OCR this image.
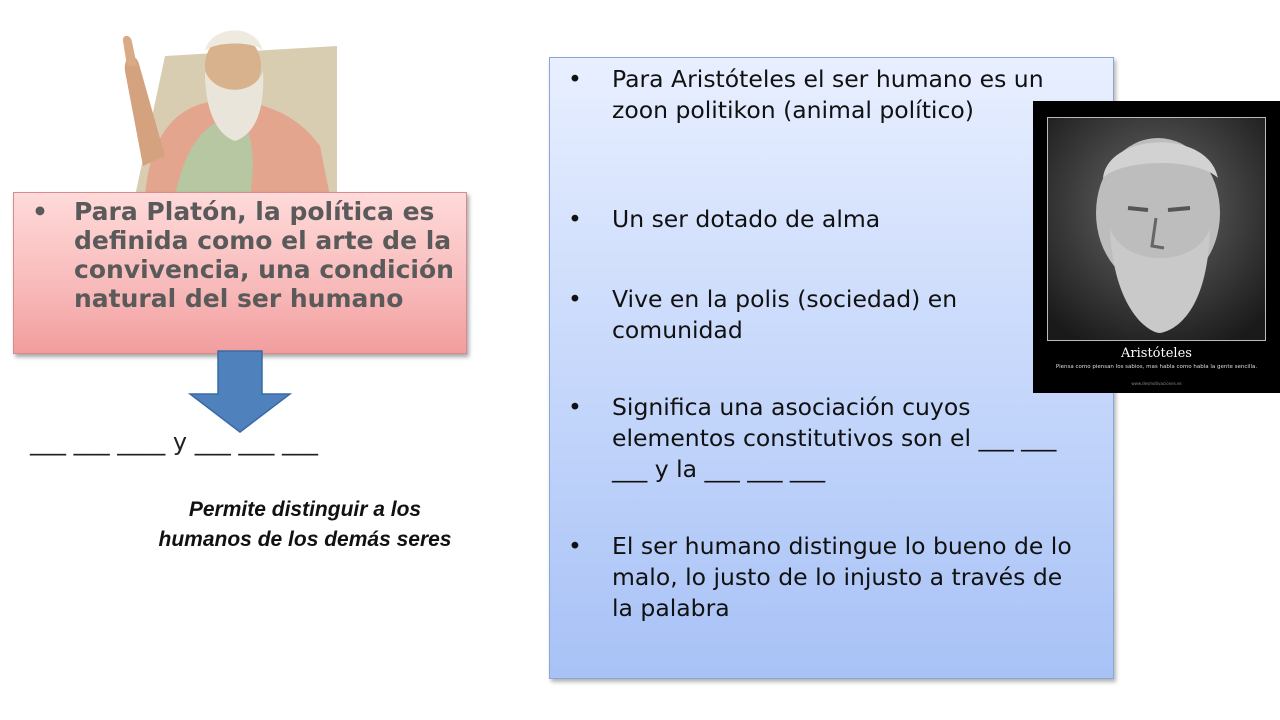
• Para Platón, la política es definida como el arte de la convivencia, una condición natural del ser humano
___ ___ ____ y ___ ___ ___
Permite distinguir a los humanos de los demás seres
• Para Aristóteles el ser humano es un zoon politikon (animal político)
• Un ser dotado de alma
• Vive en la polis (sociedad) en comunidad
• Significa una asociación cuyos elementos constitutivos son el ___ ___ ___ y la ___ ___ ___
• El ser humano distingue lo bueno de lo malo, lo justo de lo injusto a través de la palabra
Aristóteles
Piensa como piensan los sabios, mas habla como habla la gente sencilla.
www.desmotivaciones.es
